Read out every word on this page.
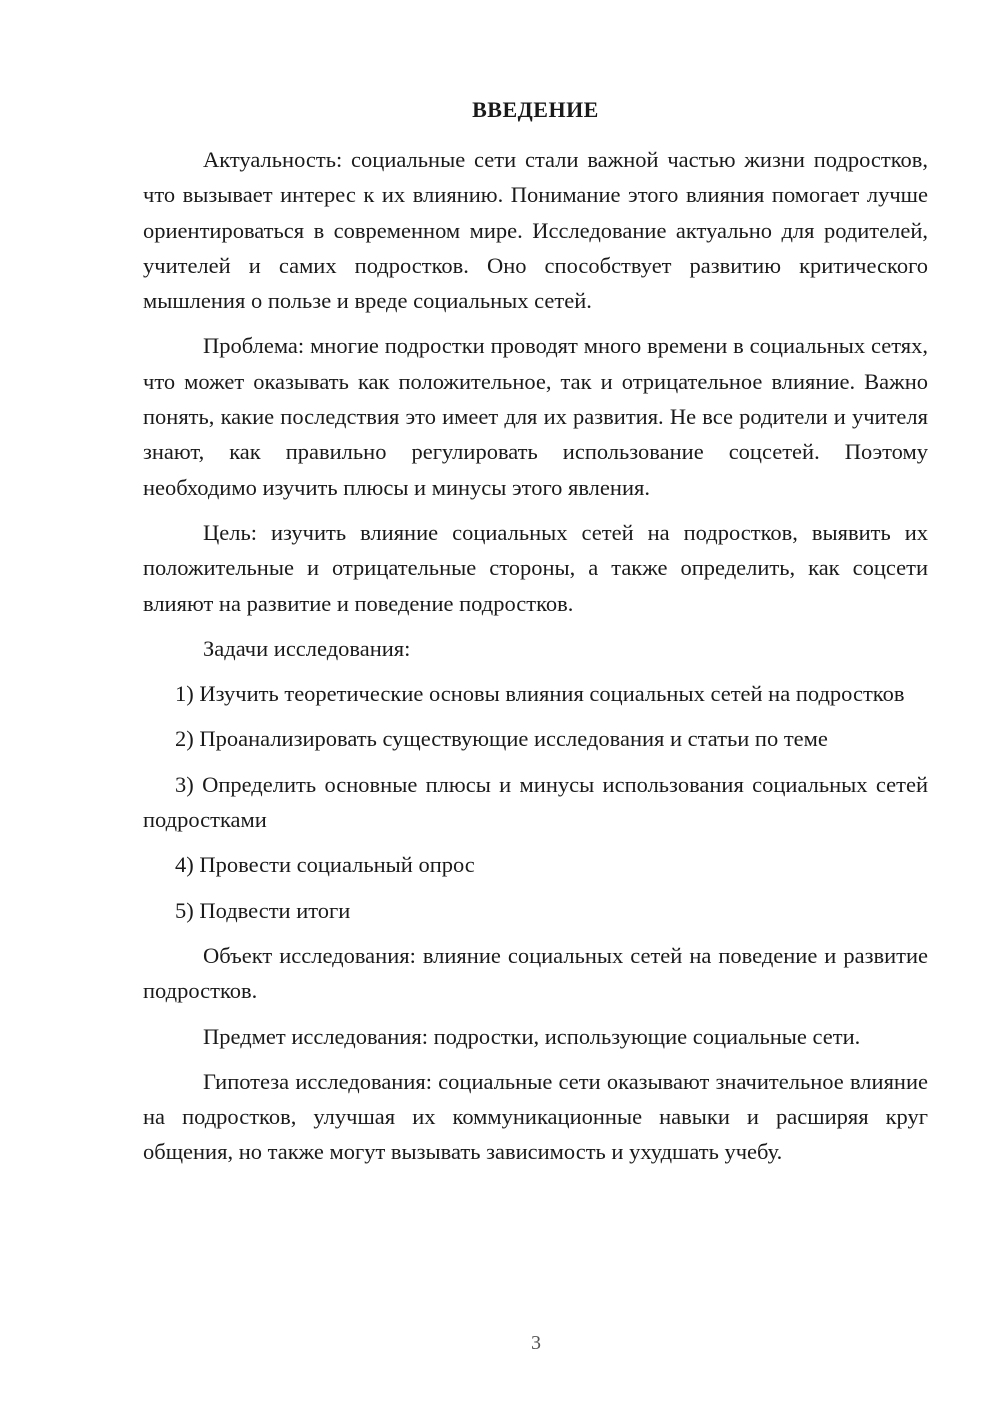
ВВЕДЕНИЕ

Актуальность: социальные сети стали важной частью жизни подростков, что вызывает интерес к их влиянию. Понимание этого влияния помогает лучше ориентироваться в современном мире. Исследование актуально для родителей, учителей и самих подростков. Оно способствует развитию критического мышления о пользе и вреде социальных сетей.

Проблема: многие подростки проводят много времени в социальных сетях, что может оказывать как положительное, так и отрицательное влияние. Важно понять, какие последствия это имеет для их развития. Не все родители и учителя знают, как правильно регулировать использование соцсетей. Поэтому необходимо изучить плюсы и минусы этого явления.

Цель: изучить влияние социальных сетей на подростков, выявить их положительные и отрицательные стороны, а также определить, как соцсети влияют на развитие и поведение подростков.

Задачи исследования:

1) Изучить теоретические основы влияния социальных сетей на подростков

2) Проанализировать существующие исследования и статьи по теме

3) Определить основные плюсы и минусы использования социальных сетей подростками

4) Провести социальный опрос

5) Подвести итоги

Объект исследования: влияние социальных сетей на поведение и развитие подростков.

Предмет исследования: подростки, использующие социальные сети.

Гипотеза исследования: социальные сети оказывают значительное влияние на подростков, улучшая их коммуникационные навыки и расширяя круг общения, но также могут вызывать зависимость и ухудшать учебу.

3
